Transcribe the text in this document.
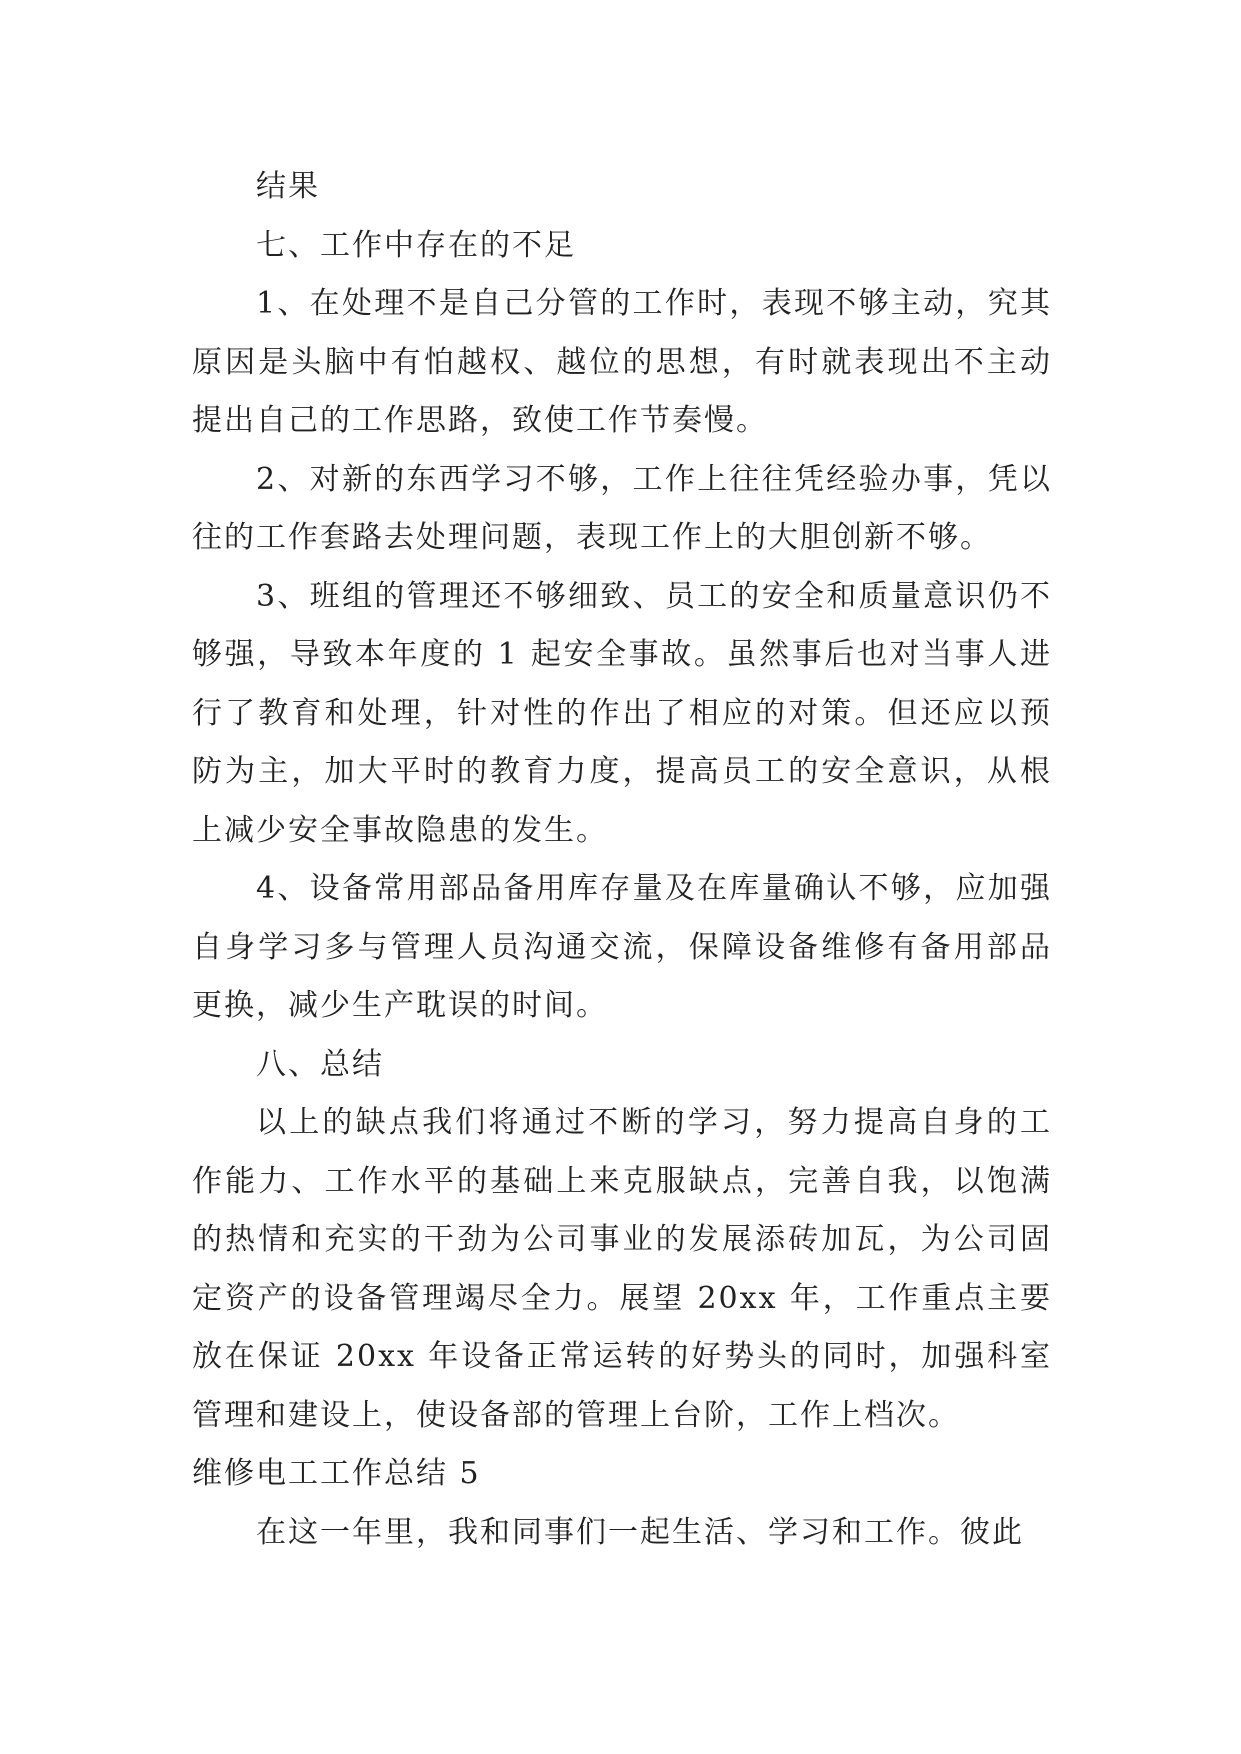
结果

七、工作中存在的不足

1、在处理不是自己分管的工作时，表现不够主动，究其原因是头脑中有怕越权、越位的思想，有时就表现出不主动提出自己的工作思路，致使工作节奏慢。

2、对新的东西学习不够，工作上往往凭经验办事，凭以往的工作套路去处理问题，表现工作上的大胆创新不够。

3、班组的管理还不够细致、员工的安全和质量意识仍不够强，导致本年度的 1 起安全事故。虽然事后也对当事人进行了教育和处理，针对性的作出了相应的对策。但还应以预防为主，加大平时的教育力度，提高员工的安全意识，从根上减少安全事故隐患的发生。

4、设备常用部品备用库存量及在库量确认不够，应加强自身学习多与管理人员沟通交流，保障设备维修有备用部品更换，减少生产耽误的时间。

八、总结

以上的缺点我们将通过不断的学习，努力提高自身的工作能力、工作水平的基础上来克服缺点，完善自我，以饱满的热情和充实的干劲为公司事业的发展添砖加瓦，为公司固定资产的设备管理竭尽全力。展望 20xx 年，工作重点主要放在保证 20xx 年设备正常运转的好势头的同时，加强科室管理和建设上，使设备部的管理上台阶，工作上档次。

维修电工工作总结 5

在这一年里，我和同事们一起生活、学习和工作。彼此
